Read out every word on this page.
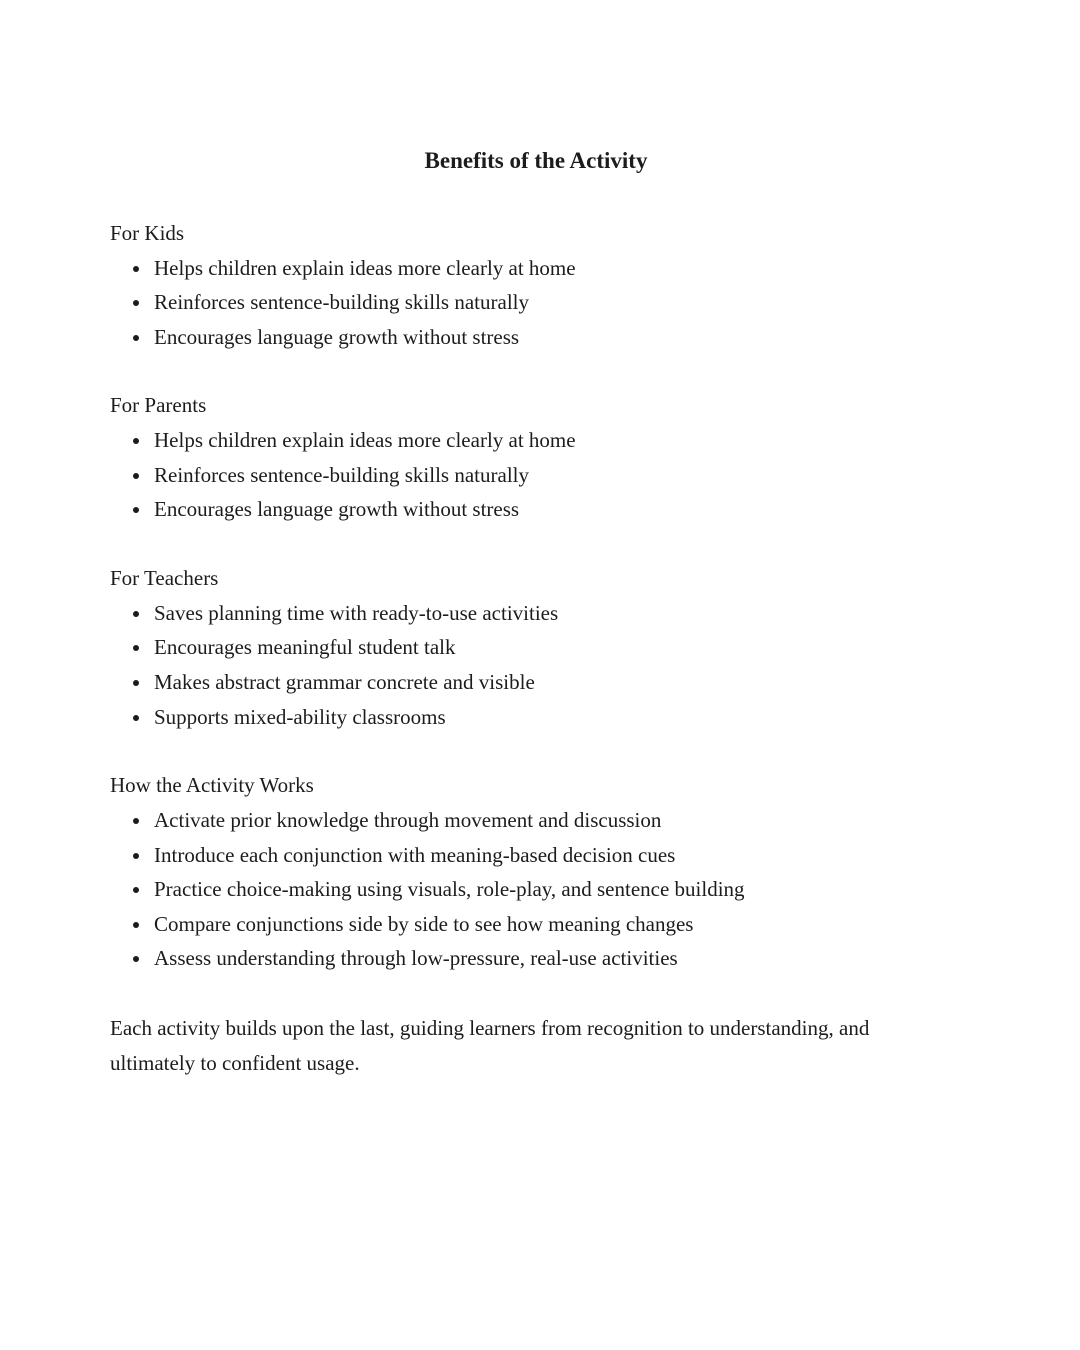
Benefits of the Activity

For Kids

• Helps children explain ideas more clearly at home
• Reinforces sentence-building skills naturally
• Encourages language growth without stress

For Parents

• Helps children explain ideas more clearly at home
• Reinforces sentence-building skills naturally
• Encourages language growth without stress

For Teachers

• Saves planning time with ready-to-use activities
• Encourages meaningful student talk
• Makes abstract grammar concrete and visible
• Supports mixed-ability classrooms

How the Activity Works

• Activate prior knowledge through movement and discussion
• Introduce each conjunction with meaning-based decision cues
• Practice choice-making using visuals, role-play, and sentence building
• Compare conjunctions side by side to see how meaning changes
• Assess understanding through low-pressure, real-use activities

Each activity builds upon the last, guiding learners from recognition to understanding, and ultimately to confident usage.
